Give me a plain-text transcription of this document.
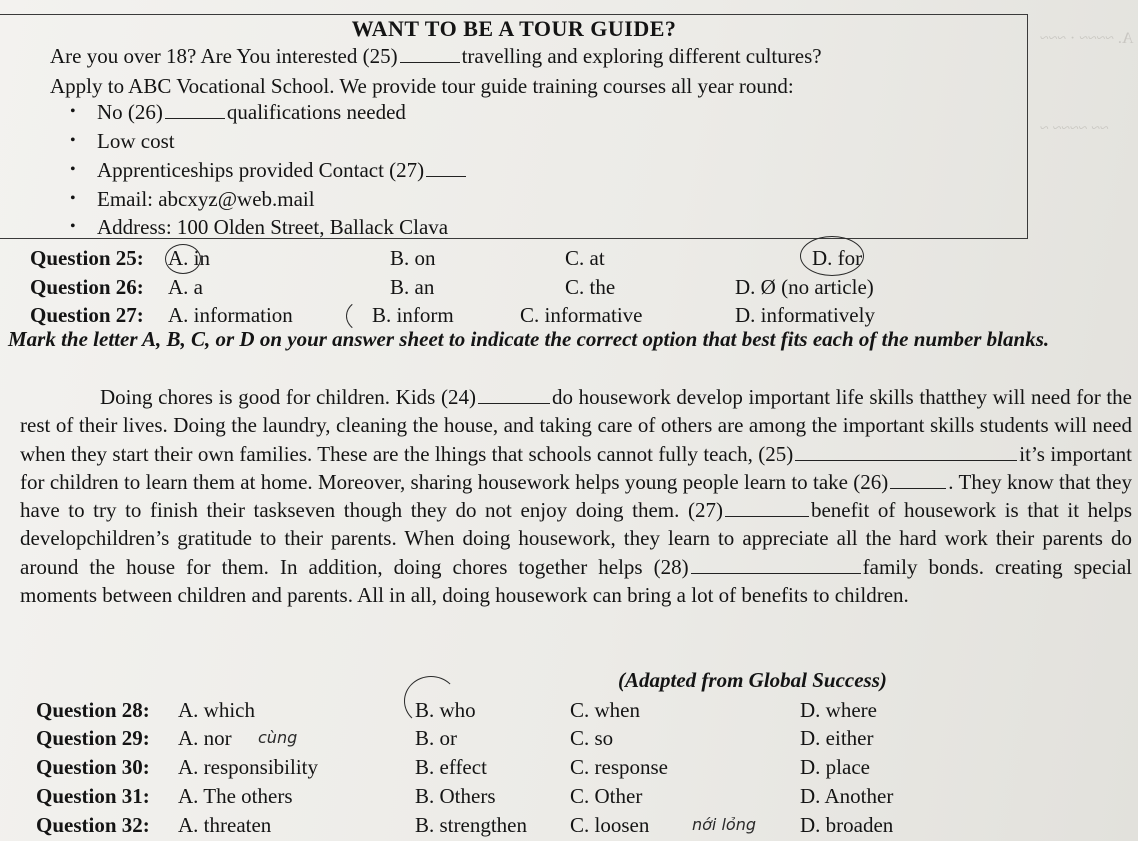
A. ~~~~ · ~~~
~~ ~~~~ ~
WANT TO BE A TOUR GUIDE?
Are you over 18? Are You interested (25)	travelling and exploring different cultures?
Apply to ABC Vocational School. We provide tour guide training courses all year round:
• No (26)	qualifications needed
• Low cost
• Apprenticeships provided Contact (27)
• Email: abcxyz@web.mail
• Address: 100 Olden Street, Ballack Clava
Question 25: A. in	B. on	C. at	D. for
Question 26: A. a	B. an	C. the	D. Ø (no article)
Question 27: A. information	B. inform	C. informative	D. informatively
Mark the letter A, B, C, or D on your answer sheet to indicate the correct option that best fits each of the number blanks.
Doing chores is good for children. Kids (24)	do housework develop important life skills thatthey will need for the rest of their lives. Doing the laundry, cleaning the house, and taking care of others are among the important skills students will need when they start their own families. These are the lhings that schools cannot fully teach, (25)	it’s important for children to learn them at home. Moreover, sharing housework helps young people learn to take (26)	. They know that they have to try to finish their taskseven though they do not enjoy doing them. (27)	benefit of housework is that it helps developchildren’s gratitude to their parents. When doing housework, they learn to appreciate all the hard work their parents do around the house for them. In addition, doing chores together helps (28)	family bonds. creating special moments between children and parents. All in all, doing housework can bring a lot of benefits to children.
(Adapted from Global Success)
Question 28: A. which	B. who	C. when	D. where
Question 29: A. nor	B. or	C. so	D. either
Question 30: A. responsibility	B. effect	C. response	D. place
Question 31: A. The others	B. Others	C. Other	D. Another
Question 32: A. threaten	B. strengthen C. loosen	D. broaden
cùng
nới lỏng
